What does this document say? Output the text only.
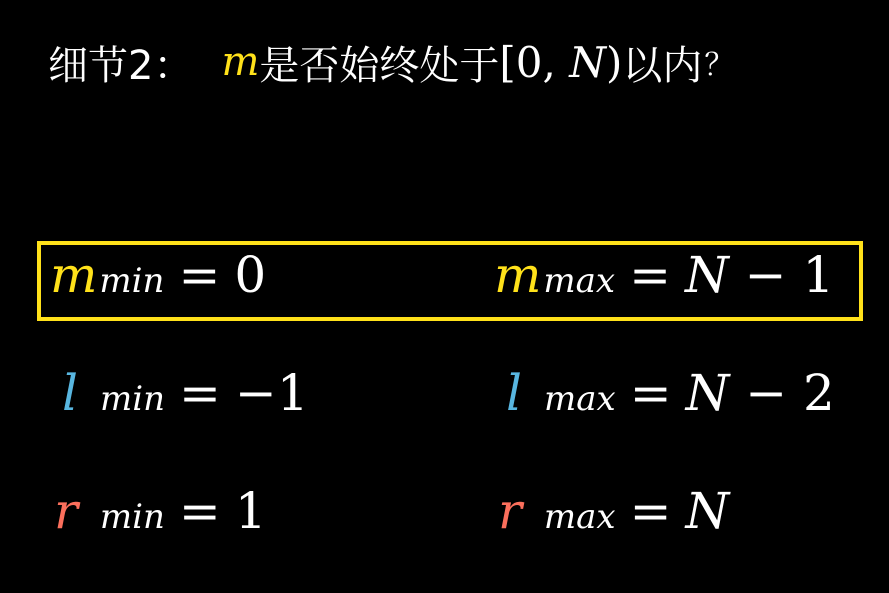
细节2： m 是否始终处于 [0, N) 以内 ？
m min = 0	m max = N − 1
l min = −1	l max = N − 2
r min = 1	r max = N
